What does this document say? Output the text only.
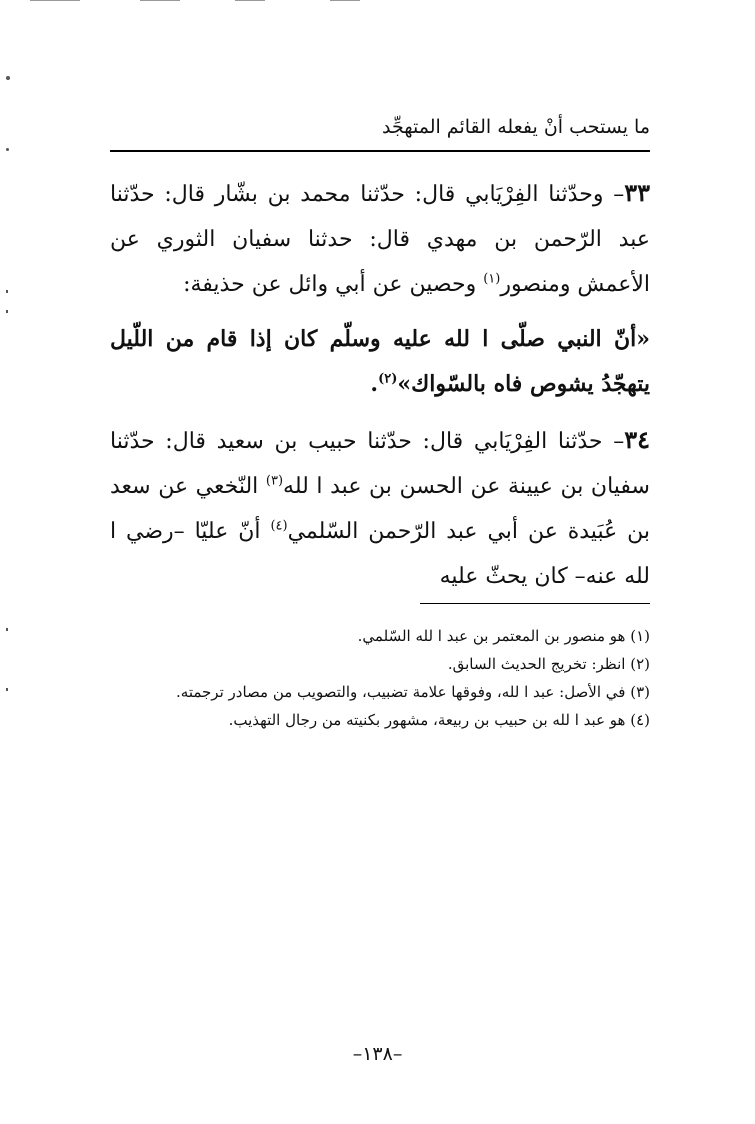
ما يستحب أنْ يفعله القائم المتهجِّد

٣٣– وحدّثنا الفِرْيَابي قال: حدّثنا محمد بن بشّار قال: حدّثنا عبد الرّحمن بن مهدي قال: حدثنا سفيان الثوري عن الأعمش ومنصور$^{(١)}$ وحصين عن أبي وائل عن حذيفة:

«أنّ النبي صلّى ا لله عليه وسلّم كان إذا قام من اللّيل يتهجّدُ يشوص فاه بالسّواك»$^{(٢)}$.

٣٤– حدّثنا الفِرْيَابي قال: حدّثنا حبيب بن سعيد قال: حدّثنا سفيان بن عيينة عن الحسن بن عبد ا لله$^{(٣)}$ النّخعي عن سعد بن عُبَيدة عن أبي عبد الرّحمن السّلمي$^{(٤)}$ أنّ عليّا –رضي ا لله عنه– كان يحثّ عليه

(١) هو منصور بن المعتمر بن عبد ا لله السّلمي.

(٢) انظر: تخريج الحديث السابق.

(٣) في الأصل: عبد ا لله، وفوقها علامة تضبيب، والتصويب من مصادر ترجمته.

(٤) هو عبد ا لله بن حبيب بن ربيعة، مشهور بكنيته من رجال التهذيب.

–١٣٨–
